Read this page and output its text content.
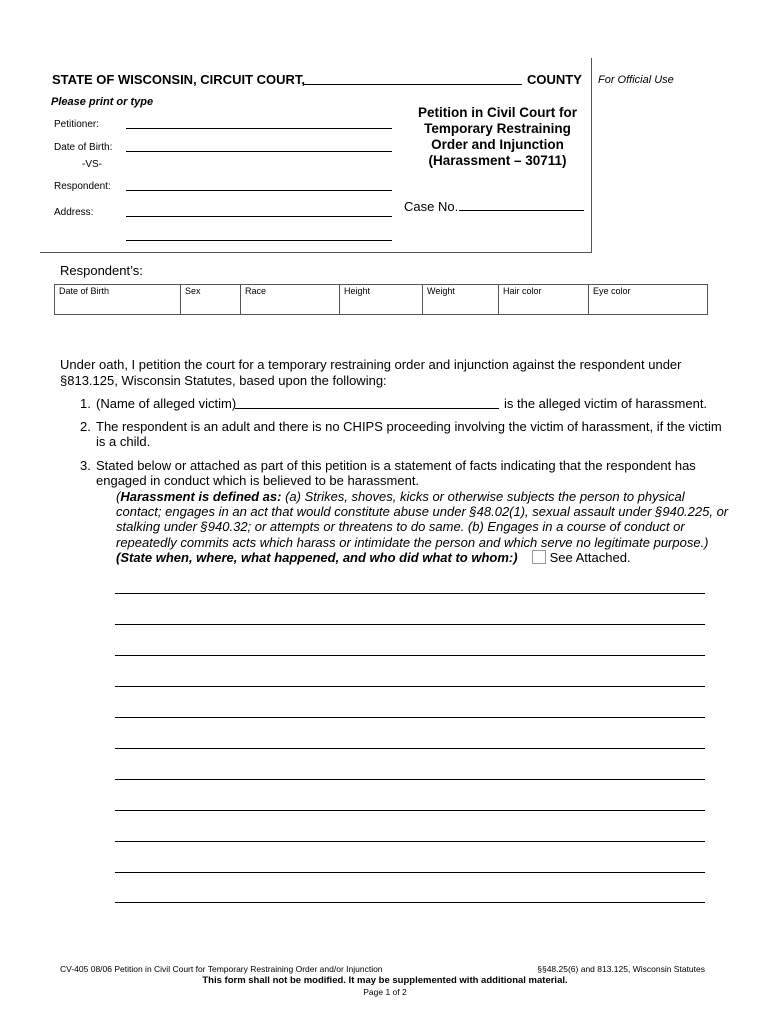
STATE OF WISCONSIN, CIRCUIT COURT,	COUNTY For Official Use
Please print or type
Petitioner:
Date of Birth:
-VS-
Respondent:
Address:
Petition in Civil Court for
Temporary Restraining
Order and Injunction
(Harassment – 30711)
Case No.
Respondent’s:
Date of Birth	Sex	Race	Height	Weight	Hair color	Eye color
Under oath, I petition the court for a temporary restraining order and injunction against the respondent under
§813.125, Wisconsin Statutes, based upon the following:
1. (Name of alleged victim)	is the alleged victim of harassment.
2. The respondent is an adult and there is no CHIPS proceeding involving the victim of harassment, if the victim
is a child.
3. Stated below or attached as part of this petition is a statement of facts indicating that the respondent has
engaged in conduct which is believed to be harassment.
(Harassment is defined as: (a) Strikes, shoves, kicks or otherwise subjects the person to physical
contact; engages in an act that would constitute abuse under §48.02(1), sexual assault under §940.225, or
stalking under §940.32; or attempts or threatens to do same. (b) Engages in a course of conduct or
repeatedly commits acts which harass or intimidate the person and which serve no legitimate purpose.)
(State when, where, what happened, and who did what to whom:) See Attached.
CV-405 08/06 Petition in Civil Court for Temporary Restraining Order and/or Injunction	§§48.25(6) and 813.125, Wisconsin Statutes
This form shall not be modified. It may be supplemented with additional material.
Page 1 of 2
